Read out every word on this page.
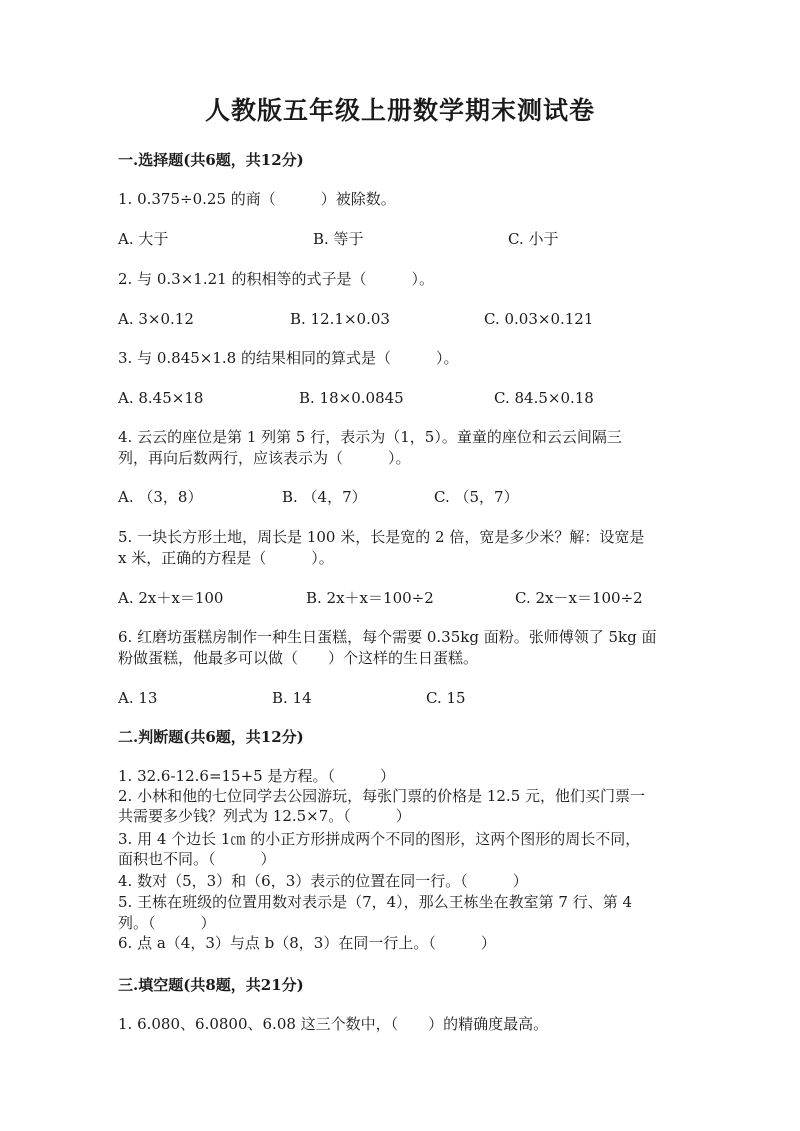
人教版五年级上册数学期末测试卷
一.选择题(共6题，共12分)
1. 0.375÷0.25 的商（　　　）被除数。
A. 大于	B. 等于	C. 小于
2. 与 0.3×1.21 的积相等的式子是（　　　）。
A. 3×0.12	B. 12.1×0.03	C. 0.03×0.121
3. 与 0.845×1.8 的结果相同的算式是（　　　）。
A. 8.45×18	B. 18×0.0845	C. 84.5×0.18
4. 云云的座位是第 1 列第 5 行，表示为（1，5）。童童的座位和云云间隔三
列，再向后数两行，应该表示为（　　　）。
A. （3，8）	B. （4，7）	C. （5，7）
5. 一块长方形土地，周长是 100 米，长是宽的 2 倍，宽是多少米？解：设宽是
x 米，正确的方程是（　　　）。
A. 2x＋x＝100	B. 2x＋x＝100÷2	C. 2x－x＝100÷2
6. 红磨坊蛋糕房制作一种生日蛋糕，每个需要 0.35kg 面粉。张师傅领了 5kg 面
粉做蛋糕，他最多可以做（　　）个这样的生日蛋糕。
A. 13	B. 14	C. 15
二.判断题(共6题，共12分)
1. 32.6-12.6=15+5 是方程。（　　　）
2. 小林和他的七位同学去公园游玩，每张门票的价格是 12.5 元，他们买门票一
共需要多少钱？列式为 12.5×7。（　　　）
3. 用 4 个边长 1㎝ 的小正方形拼成两个不同的图形，这两个图形的周长不同，
面积也不同。（　　　）
4. 数对（5，3）和（6，3）表示的位置在同一行。（　　　）
5. 王栋在班级的位置用数对表示是（7，4），那么王栋坐在教室第 7 行、第 4
列。（　　　）
6. 点 a（4，3）与点 b（8，3）在同一行上。（　　　）
三.填空题(共8题，共21分)
1. 6.080、6.0800、6.08 这三个数中，（　　）的精确度最高。
